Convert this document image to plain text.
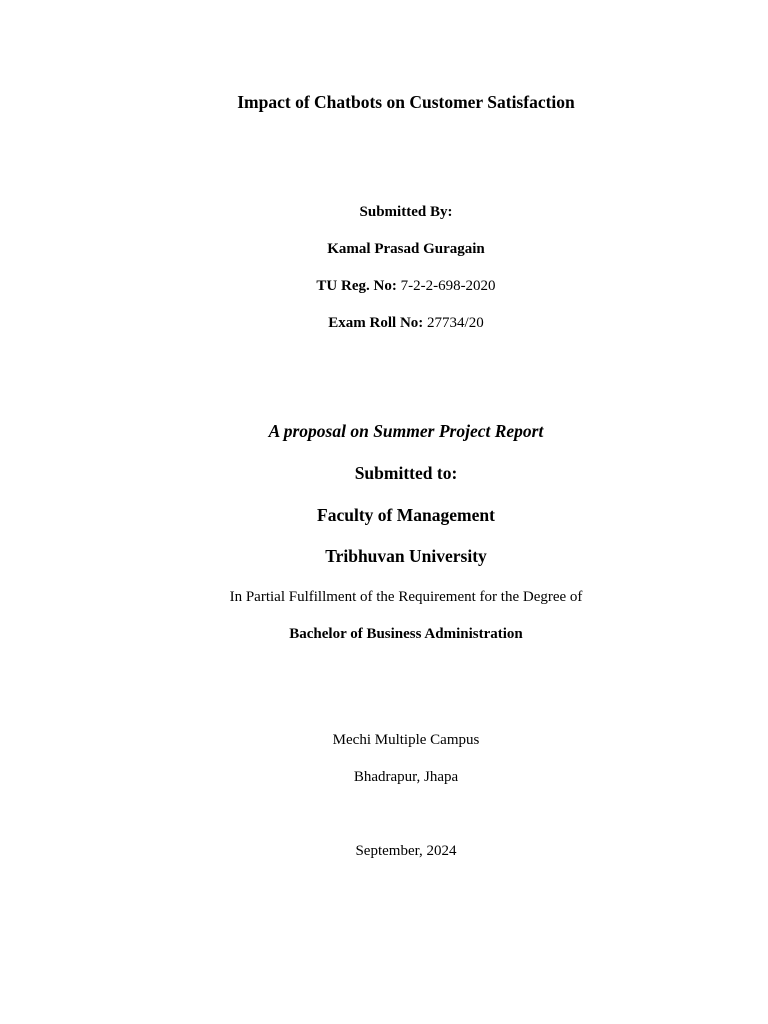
Impact of Chatbots on Customer Satisfaction
Submitted By:
Kamal Prasad Guragain
TU Reg. No: 7-2-2-698-2020
Exam Roll No: 27734/20
A proposal on Summer Project Report
Submitted to:
Faculty of Management
Tribhuvan University
In Partial Fulfillment of the Requirement for the Degree of
Bachelor of Business Administration
Mechi Multiple Campus
Bhadrapur, Jhapa
September, 2024
